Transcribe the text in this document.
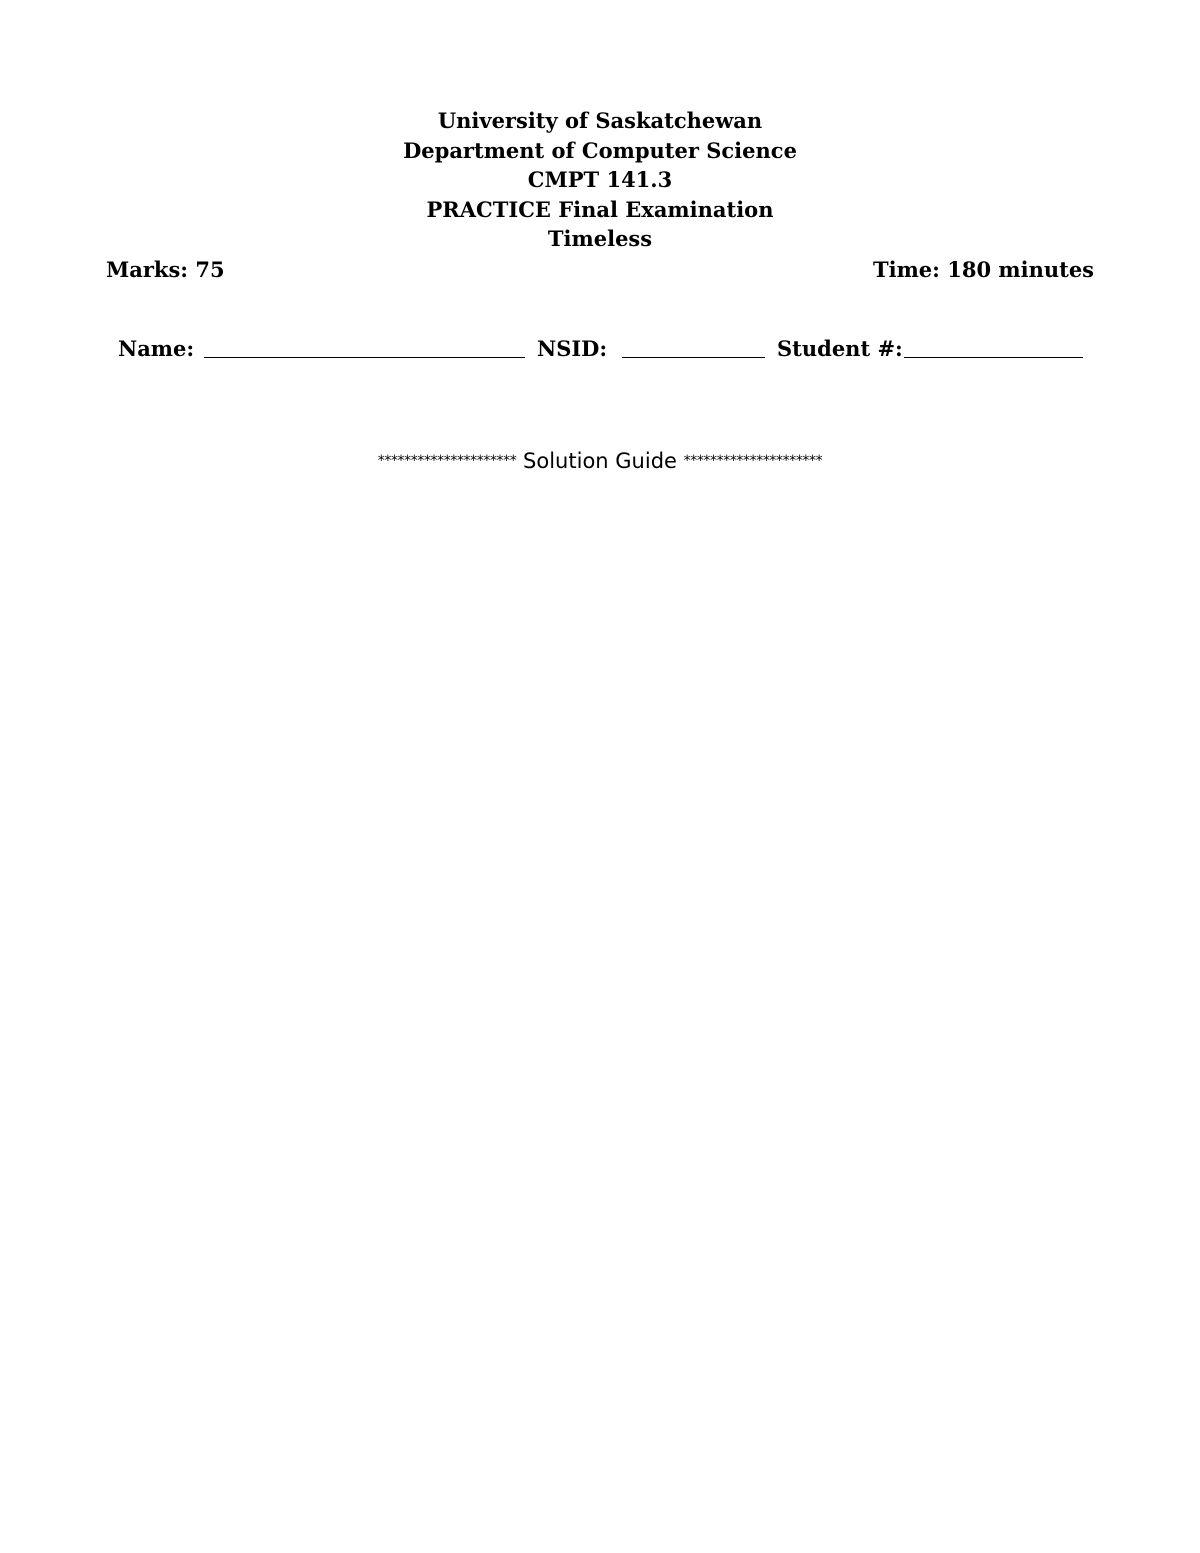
University of Saskatchewan
Department of Computer Science
CMPT 141.3
PRACTICE Final Examination
Timeless
Marks: 75	Time: 180 minutes
Name:	NSID:	Student #:
********************* Solution Guide *********************
